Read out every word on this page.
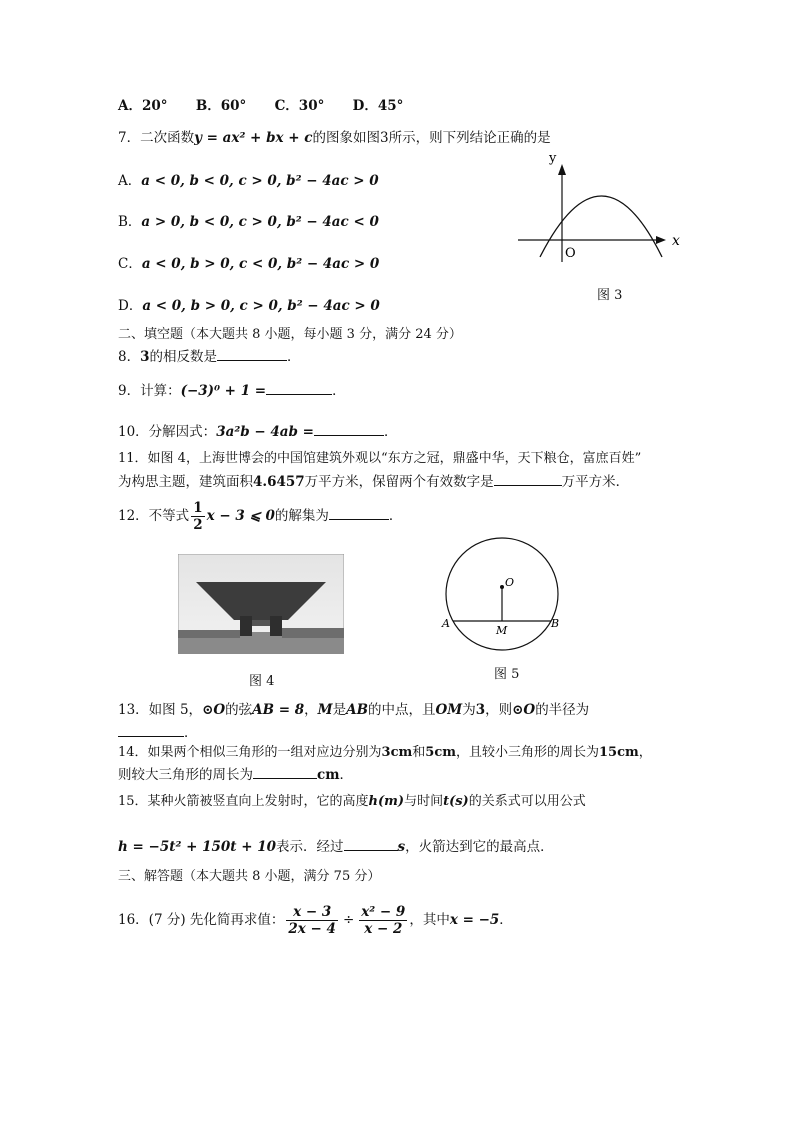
A．20° B．60° C．30° D．45°
7．二次函数y = ax² + bx + c的图象如图3所示，则下列结论正确的是
A．a < 0, b < 0, c > 0, b² − 4ac > 0
B．a > 0, b < 0, c > 0, b² − 4ac < 0
C．a < 0, b > 0, c < 0, b² − 4ac > 0
D．a < 0, b > 0, c > 0, b² − 4ac > 0
y
x
O
图 3
二、填空题（本大题共 8 小题，每小题 3 分，满分 24 分）
8．3的相反数是	．
9．计算：(−3)⁰ + 1 =	．
10．分解因式：3a²b − 4ab =	．
11．如图 4，上海世博会的中国馆建筑外观以“东方之冠，鼎盛中华，天下粮仓，富庶百姓”
为构思主题，建筑面积4.6457万平方米，保留两个有效数字是	万平方米．
12．不等式 $\frac{1}{2}$ x − 3 ⩽ 0的解集为	．
图 4
O
A
M
B
图 5
13．如图 5，⊙O的弦AB = 8，M是AB的中点，且OM为3，则⊙O的半径为
．
14．如果两个相似三角形的一组对应边分别为3cm和5cm，且较小三角形的周长为15cm，
则较大三角形的周长为	cm．
15．某种火箭被竖直向上发射时，它的高度h(m)与时间t(s)的关系式可以用公式
h = −5t² + 150t + 10表示．经过	s，火箭达到它的最高点．
三、解答题（本大题共 8 小题，满分 75 分）
16．(7 分) 先化简再求值： $\frac{x - 3}{2x - 4} \div \frac{\text{x² − 9}}{x - 2}$ ，其中x = −5．
